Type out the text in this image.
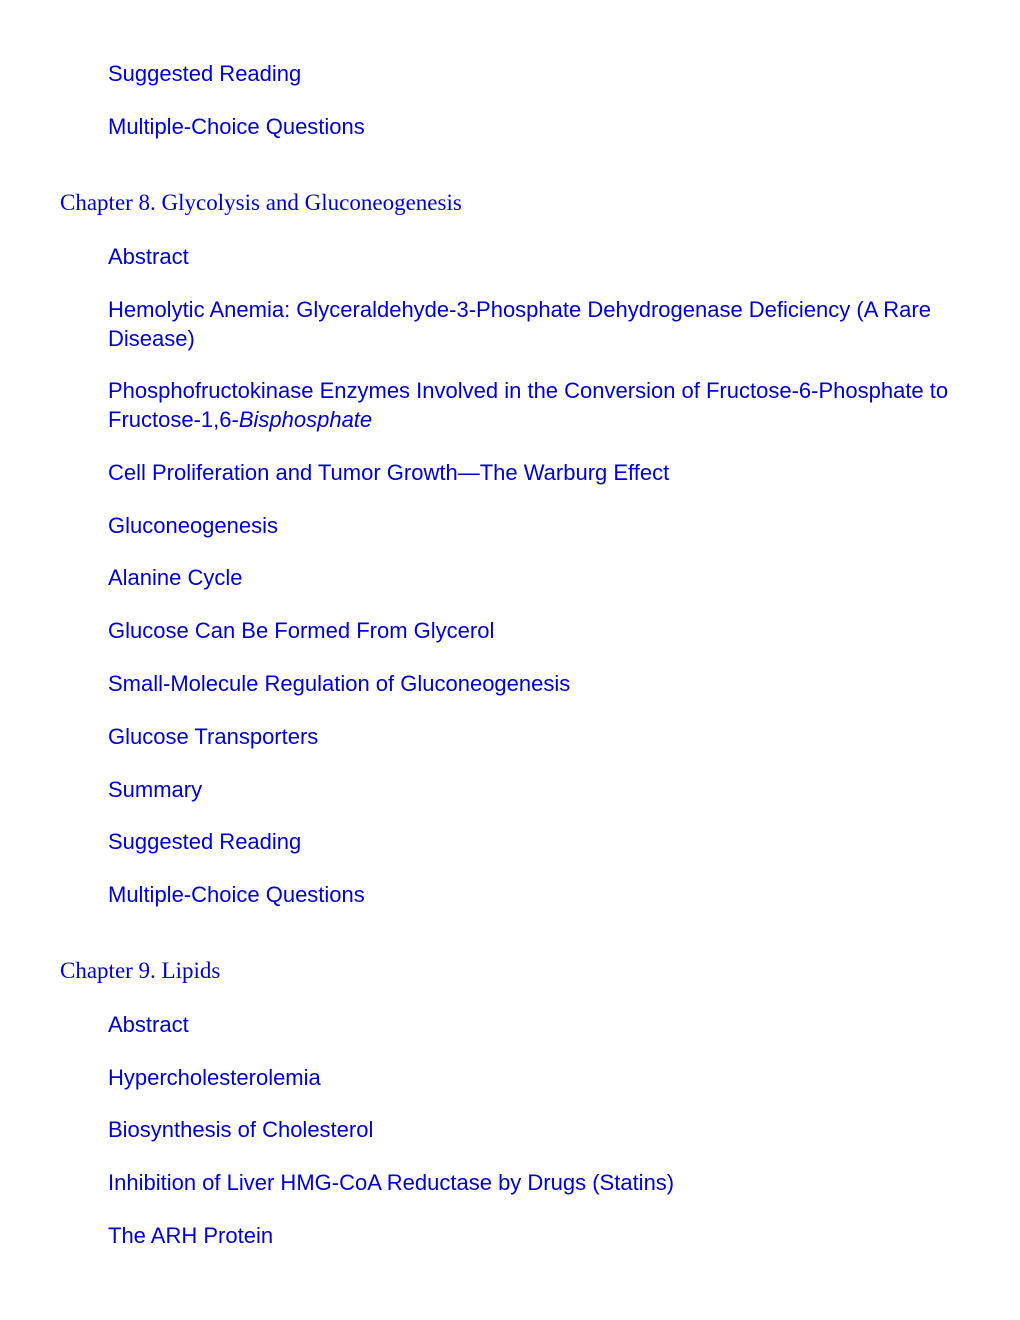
Suggested Reading
Multiple-Choice Questions
Chapter 8. Glycolysis and Gluconeogenesis
Abstract
Hemolytic Anemia: Glyceraldehyde-3-Phosphate Dehydrogenase Deficiency (A Rare Disease)
Phosphofructokinase Enzymes Involved in the Conversion of Fructose-6-Phosphate to Fructose-1,6-Bisphosphate
Cell Proliferation and Tumor Growth—The Warburg Effect
Gluconeogenesis
Alanine Cycle
Glucose Can Be Formed From Glycerol
Small-Molecule Regulation of Gluconeogenesis
Glucose Transporters
Summary
Suggested Reading
Multiple-Choice Questions
Chapter 9. Lipids
Abstract
Hypercholesterolemia
Biosynthesis of Cholesterol
Inhibition of Liver HMG-CoA Reductase by Drugs (Statins)
The ARH Protein
